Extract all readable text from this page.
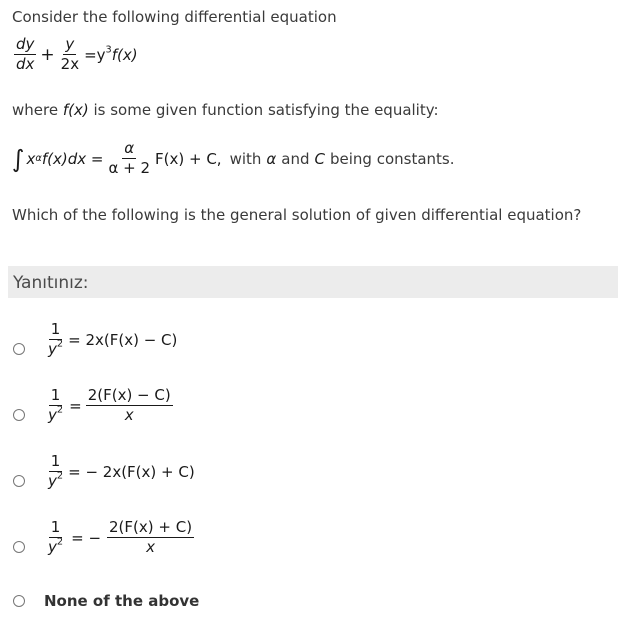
Consider the following differential equation
$\frac{dy}{dx} + \frac{y}{2x} =y^3f(x)$
where f(x) is some given function satisfying the equality:
∫ x α $f(x)dx = \frac{\alpha}{\alpha + 2} F(x) + C$, with α and C being constants.
Which of the following is the general solution of given differential equation?
Yanıtınız:
$\frac{1}{y^2} = 2x(F(x) - C)$
$\frac{1}{y^2} = \frac{2(F(x) - C)}{x}$
$\frac{1}{y^2}$ = − 2x(F(x) + C)
$\frac{1}{y^2}$ = − $\frac{2(F(x) + C)}{x}$
None of the above
